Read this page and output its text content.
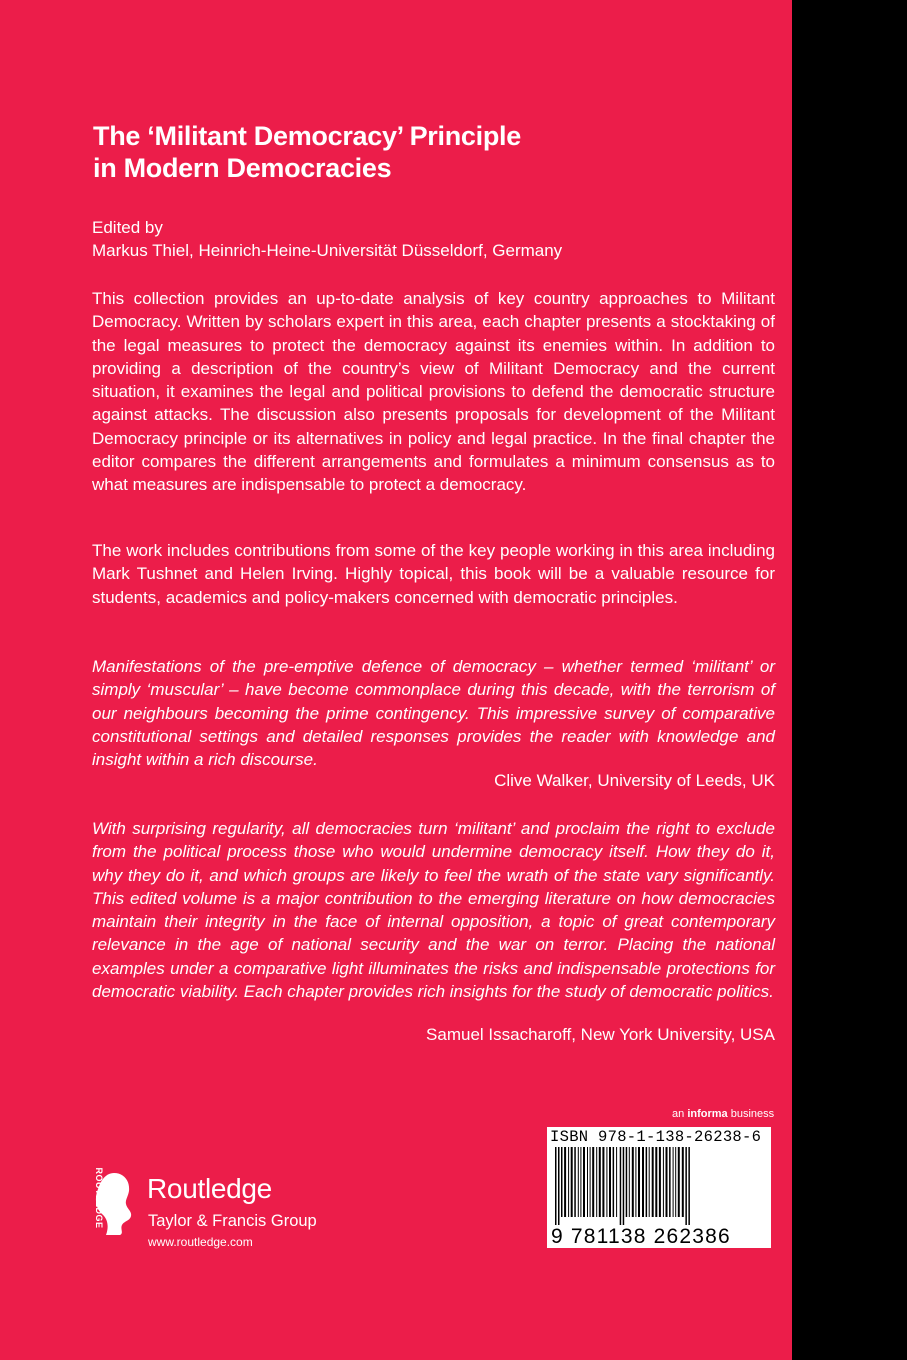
The ‘Militant Democracy’ Principle
in Modern Democracies
Edited by
Markus Thiel, Heinrich-Heine-Universität Düsseldorf, Germany
This collection provides an up-to-date analysis of key country approaches to Militant Democracy. Written by scholars expert in this area, each chapter presents a stocktaking of the legal measures to protect the democracy against its enemies within. In addition to providing a description of the country’s view of Militant Democracy and the current situation, it examines the legal and political provisions to defend the democratic structure against attacks. The discussion also presents proposals for development of the Militant Democracy principle or its alternatives in policy and legal practice. In the final chapter the editor compares the different arrangements and formulates a minimum consensus as to what measures are indispensable to protect a democracy.
The work includes contributions from some of the key people working in this area including Mark Tushnet and Helen Irving. Highly topical, this book will be a valuable resource for students, academics and policy-makers concerned with democratic principles.
Manifestations of the pre-emptive defence of democracy – whether termed ‘militant’ or simply ‘muscular’ – have become commonplace during this decade, with the terrorism of our neighbours becoming the prime contingency. This impressive survey of comparative constitutional settings and detailed responses provides the reader with knowledge and insight within a rich discourse.
Clive Walker, University of Leeds, UK
With surprising regularity, all democracies turn ‘militant’ and proclaim the right to exclude from the political process those who would undermine democracy itself. How they do it, why they do it, and which groups are likely to feel the wrath of the state vary significantly. This edited volume is a major contribution to the emerging literature on how democracies maintain their integrity in the face of internal opposition, a topic of great contemporary relevance in the age of national security and the war on terror. Placing the national examples under a comparative light illuminates the risks and indispensable protections for democratic viability. Each chapter provides rich insights for the study of democratic politics.
Samuel Issacharoff, New York University, USA
ROUTLEDGE Routledge
Taylor & Francis Group
www.routledge.com
an informa business
ISBN 978-1-138-26238-6
9 781138 262386
